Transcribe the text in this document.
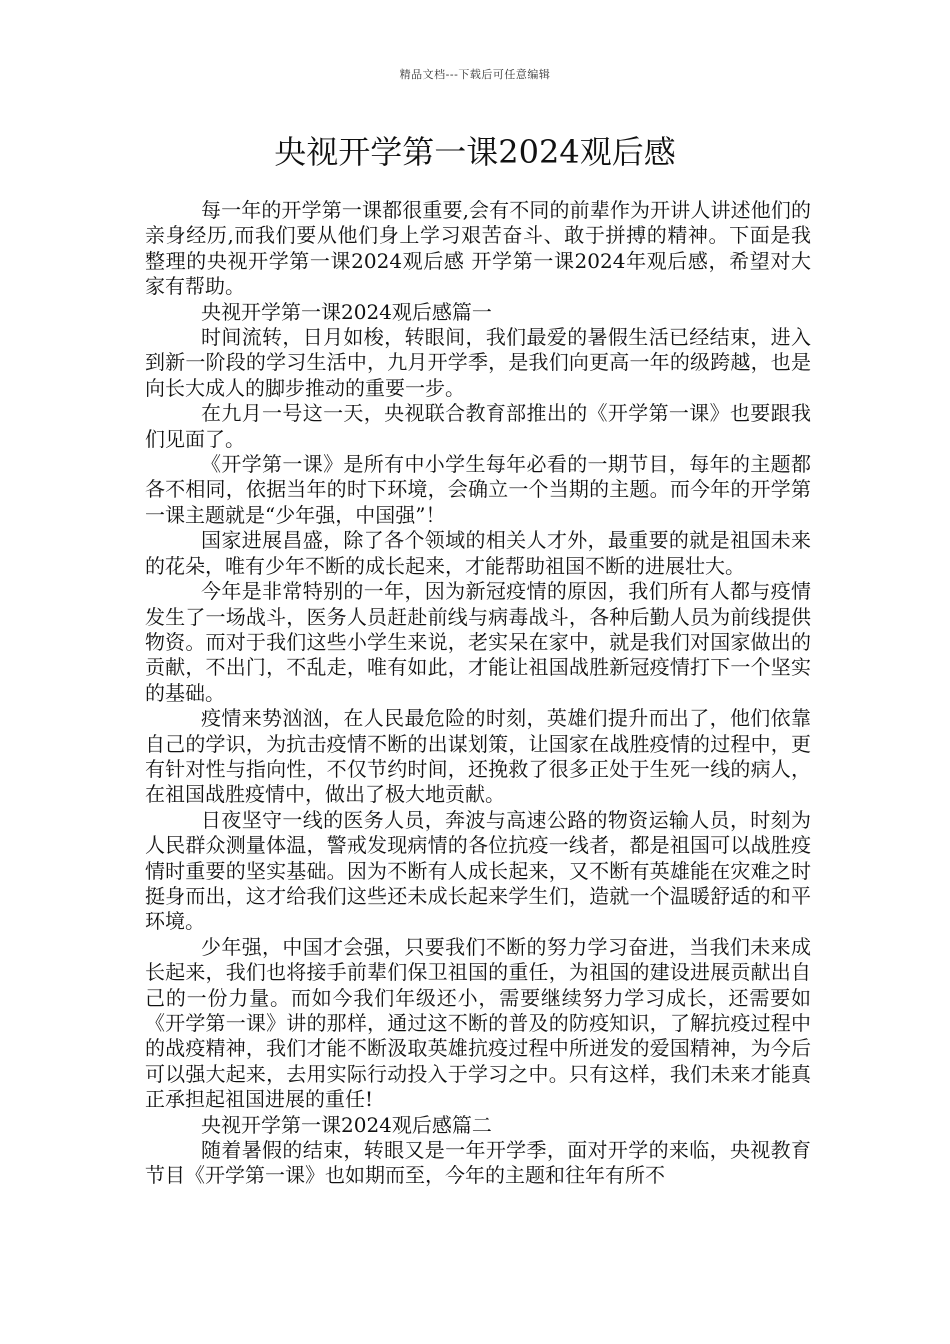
精品文档---下载后可任意编辑
央视开学第一课2024观后感

每一年的开学第一课都很重要,会有不同的前辈作为开讲人讲述他们的亲身经历,而我们要从他们身上学习艰苦奋斗、敢于拼搏的精神。下面是我整理的央视开学第一课2024观后感 开学第一课2024年观后感，希望对大家有帮助。

央视开学第一课2024观后感篇一

时间流转，日月如梭，转眼间，我们最爱的暑假生活已经结束，进入到新一阶段的学习生活中，九月开学季，是我们向更高一年的级跨越，也是向长大成人的脚步推动的重要一步。

在九月一号这一天，央视联合教育部推出的《开学第一课》也要跟我们见面了。

《开学第一课》是所有中小学生每年必看的一期节目，每年的主题都各不相同，依据当年的时下环境，会确立一个当期的主题。而今年的开学第一课主题就是“少年强，中国强”！

国家进展昌盛，除了各个领域的相关人才外，最重要的就是祖国未来的花朵，唯有少年不断的成长起来，才能帮助祖国不断的进展壮大。

今年是非常特别的一年，因为新冠疫情的原因，我们所有人都与疫情发生了一场战斗，医务人员赶赴前线与病毒战斗，各种后勤人员为前线提供物资。而对于我们这些小学生来说，老实呆在家中，就是我们对国家做出的贡献，不出门，不乱走，唯有如此，才能让祖国战胜新冠疫情打下一个坚实的基础。

疫情来势汹汹，在人民最危险的时刻，英雄们提升而出了，他们依靠自己的学识，为抗击疫情不断的出谋划策，让国家在战胜疫情的过程中，更有针对性与指向性，不仅节约时间，还挽救了很多正处于生死一线的病人，在祖国战胜疫情中，做出了极大地贡献。

日夜坚守一线的医务人员，奔波与高速公路的物资运输人员，时刻为人民群众测量体温，警戒发现病情的各位抗疫一线者，都是祖国可以战胜疫情时重要的坚实基础。因为不断有人成长起来，又不断有英雄能在灾难之时挺身而出，这才给我们这些还未成长起来学生们，造就一个温暖舒适的和平环境。

少年强，中国才会强，只要我们不断的努力学习奋进，当我们未来成长起来，我们也将接手前辈们保卫祖国的重任，为祖国的建设进展贡献出自己的一份力量。而如今我们年级还小，需要继续努力学习成长，还需要如《开学第一课》讲的那样，通过这不断的普及的防疫知识，了解抗疫过程中的战疫精神，我们才能不断汲取英雄抗疫过程中所迸发的爱国精神，为今后可以强大起来，去用实际行动投入于学习之中。只有这样，我们未来才能真正承担起祖国进展的重任!

央视开学第一课2024观后感篇二

随着暑假的结束，转眼又是一年开学季，面对开学的来临，央视教育节目《开学第一课》也如期而至，今年的主题和往年有所不
